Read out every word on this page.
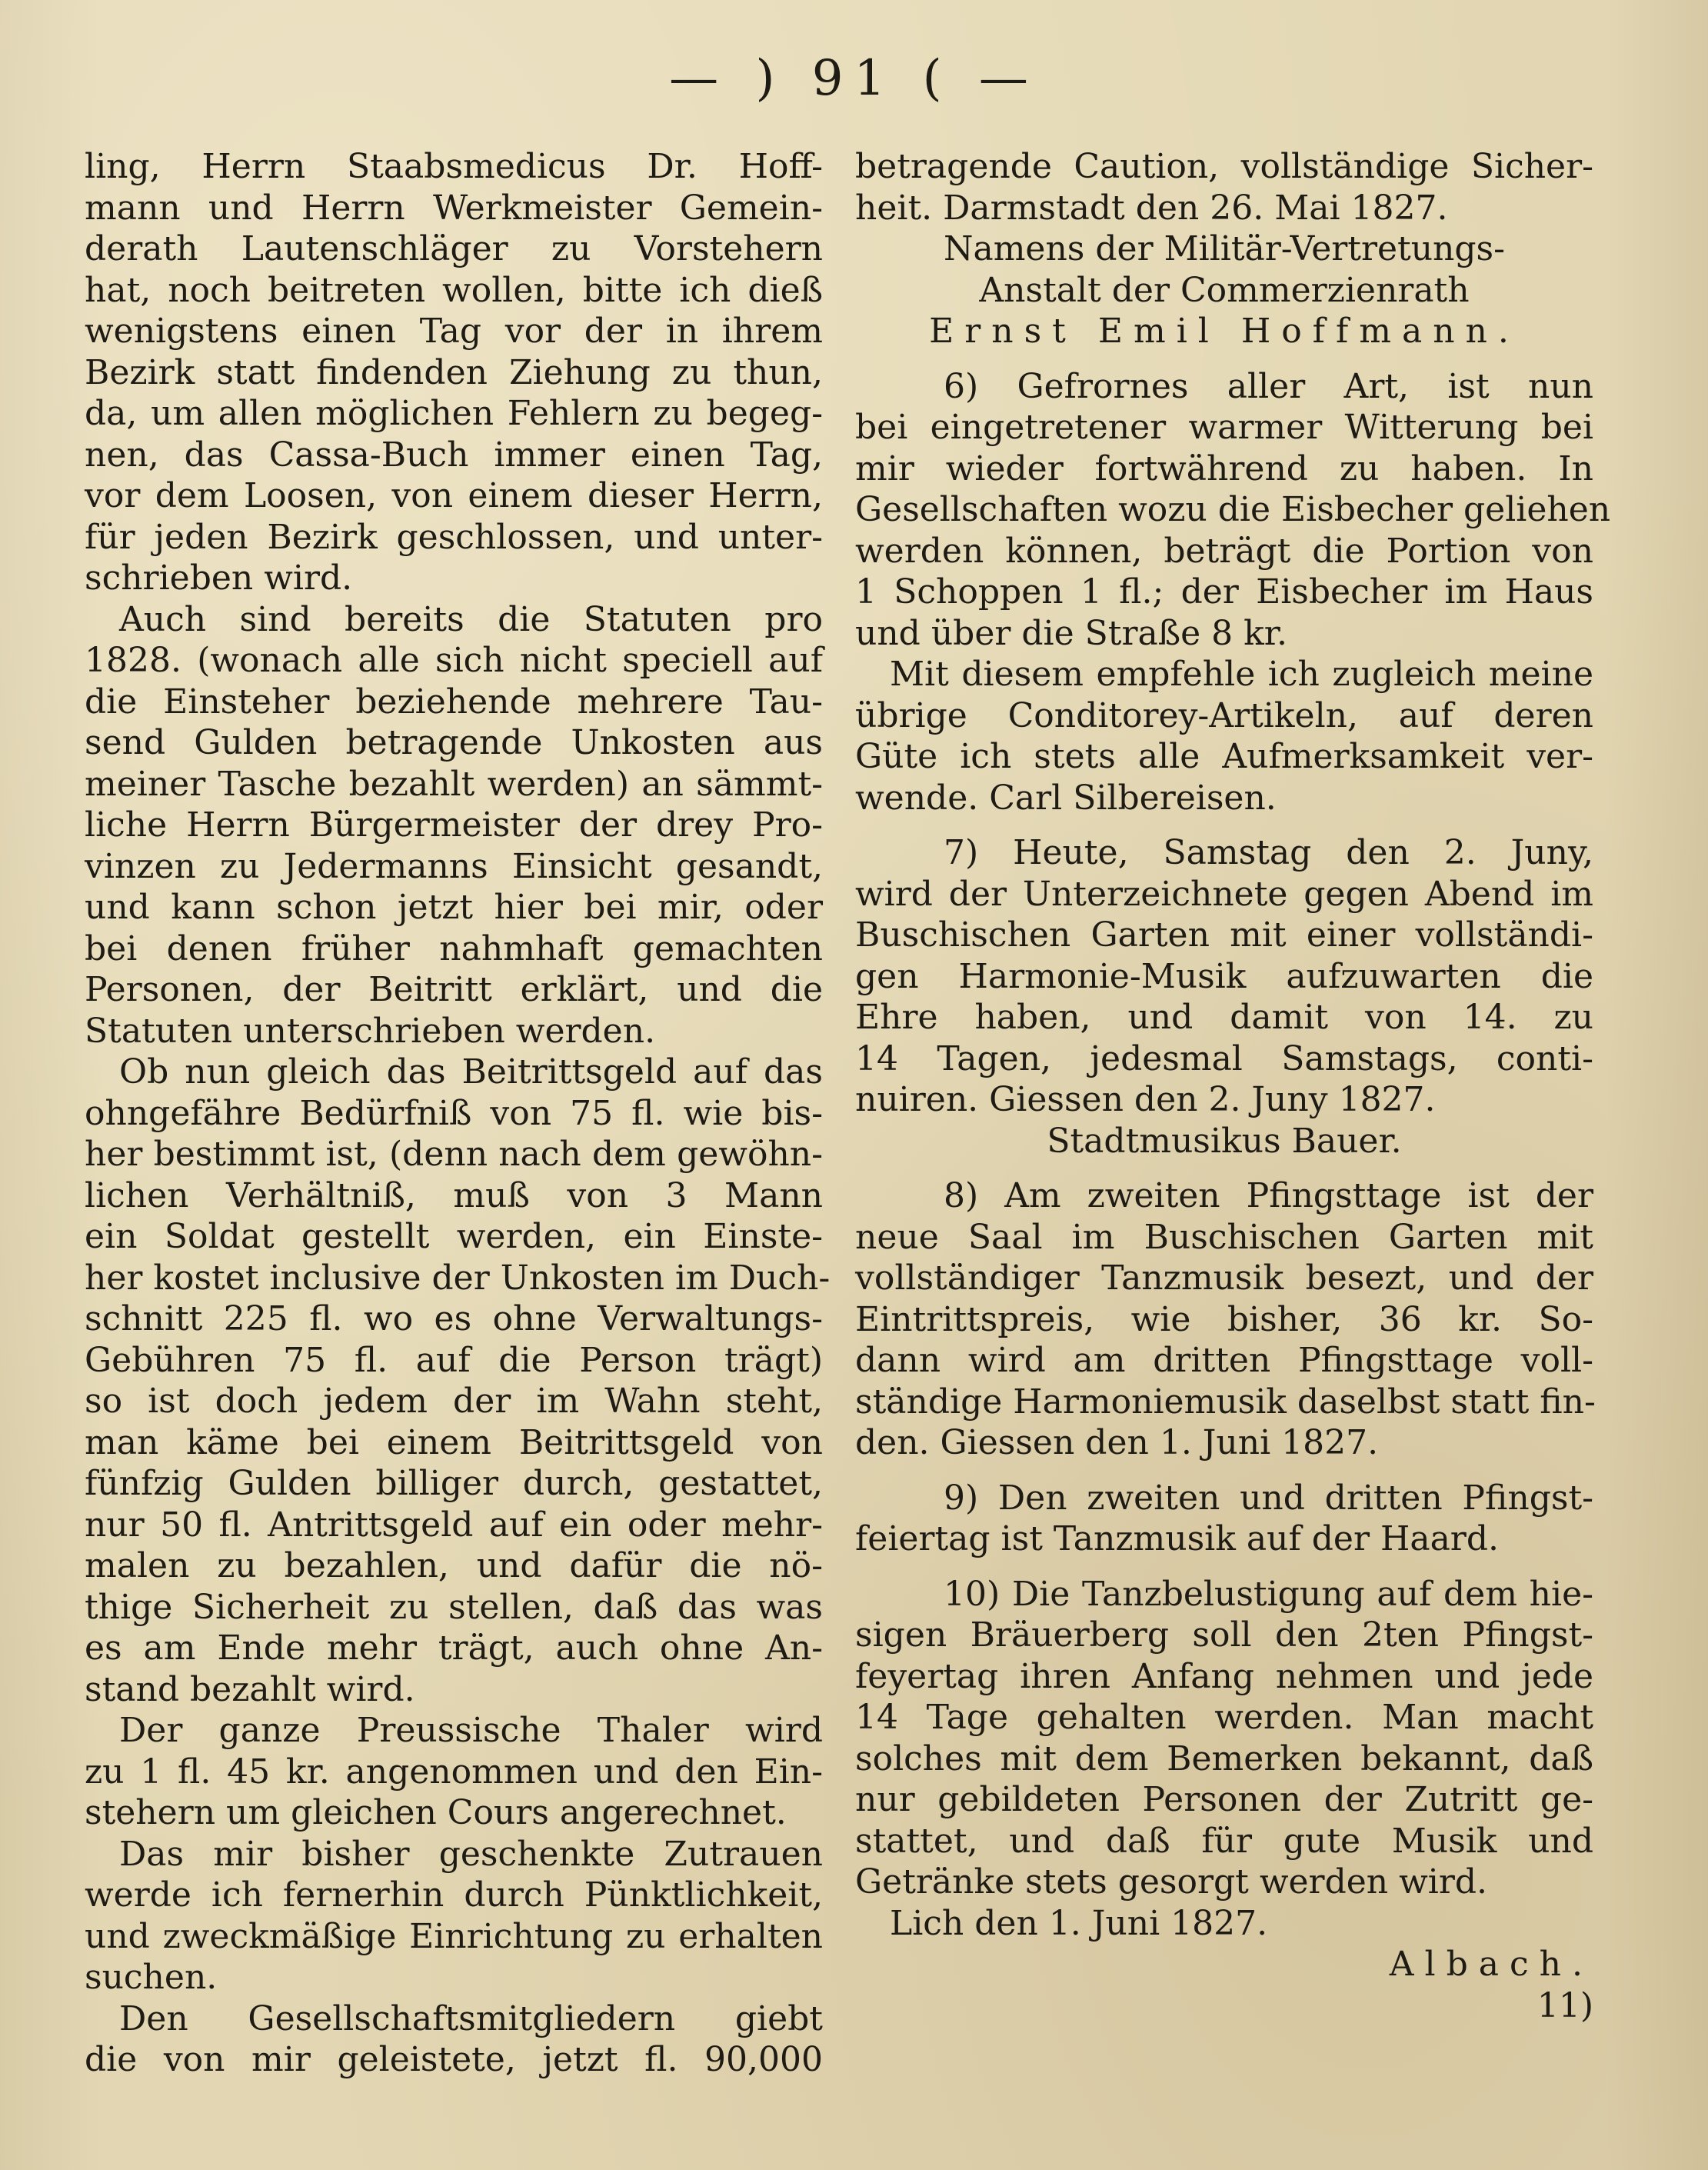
— ) 91 ( —
ling, Herrn Staabsmedicus Dr. Hoff-
mann und Herrn Werkmeister Gemein-
derath Lautenschläger zu Vorstehern
hat, noch beitreten wollen, bitte ich dieß
wenigstens einen Tag vor der in ihrem
Bezirk statt findenden Ziehung zu thun,
da, um allen möglichen Fehlern zu begeg-
nen, das Cassa-Buch immer einen Tag,
vor dem Loosen, von einem dieser Herrn,
für jeden Bezirk geschlossen, und unter-
schrieben wird.
Auch sind bereits die Statuten pro
1828. (wonach alle sich nicht speciell auf
die Einsteher beziehende mehrere Tau-
send Gulden betragende Unkosten aus
meiner Tasche bezahlt werden) an sämmt-
liche Herrn Bürgermeister der drey Pro-
vinzen zu Jedermanns Einsicht gesandt,
und kann schon jetzt hier bei mir, oder
bei denen früher nahmhaft gemachten
Personen, der Beitritt erklärt, und die
Statuten unterschrieben werden.
Ob nun gleich das Beitrittsgeld auf das
ohngefähre Bedürfniß von 75 fl. wie bis-
her bestimmt ist, (denn nach dem gewöhn-
lichen Verhältniß, muß von 3 Mann
ein Soldat gestellt werden, ein Einste-
her kostet inclusive der Unkosten im Duch-
schnitt 225 fl. wo es ohne Verwaltungs-
Gebühren 75 fl. auf die Person trägt)
so ist doch jedem der im Wahn steht,
man käme bei einem Beitrittsgeld von
fünfzig Gulden billiger durch, gestattet,
nur 50 fl. Antrittsgeld auf ein oder mehr-
malen zu bezahlen, und dafür die nö-
thige Sicherheit zu stellen, daß das was
es am Ende mehr trägt, auch ohne An-
stand bezahlt wird.
Der ganze Preussische Thaler wird
zu 1 fl. 45 kr. angenommen und den Ein-
stehern um gleichen Cours angerechnet.
Das mir bisher geschenkte Zutrauen
werde ich fernerhin durch Pünktlichkeit,
und zweckmäßige Einrichtung zu erhalten
suchen.
Den Gesellschaftsmitgliedern giebt
die von mir geleistete, jetzt fl. 90,000
betragende Caution, vollständige Sicher-
heit. Darmstadt den 26. Mai 1827.
Namens der Militär-Vertretungs-
Anstalt der Commerzienrath
Ernst Emil Hoffmann.
6) Gefrornes aller Art, ist nun
bei eingetretener warmer Witterung bei
mir wieder fortwährend zu haben. In
Gesellschaften wozu die Eisbecher geliehen
werden können, beträgt die Portion von
1 Schoppen 1 fl.; der Eisbecher im Haus
und über die Straße 8 kr.
Mit diesem empfehle ich zugleich meine
übrige Conditorey-Artikeln, auf deren
Güte ich stets alle Aufmerksamkeit ver-
wende. Carl Silbereisen.
7) Heute, Samstag den 2. Juny,
wird der Unterzeichnete gegen Abend im
Buschischen Garten mit einer vollständi-
gen Harmonie-Musik aufzuwarten die
Ehre haben, und damit von 14. zu
14 Tagen, jedesmal Samstags, conti-
nuiren. Giessen den 2. Juny 1827.
Stadtmusikus Bauer.
8) Am zweiten Pfingsttage ist der
neue Saal im Buschischen Garten mit
vollständiger Tanzmusik besezt, und der
Eintrittspreis, wie bisher, 36 kr. So-
dann wird am dritten Pfingsttage voll-
ständige Harmoniemusik daselbst statt fin-
den. Giessen den 1. Juni 1827.
9) Den zweiten und dritten Pfingst-
feiertag ist Tanzmusik auf der Haard.
10) Die Tanzbelustigung auf dem hie-
sigen Bräuerberg soll den 2ten Pfingst-
feyertag ihren Anfang nehmen und jede
14 Tage gehalten werden. Man macht
solches mit dem Bemerken bekannt, daß
nur gebildeten Personen der Zutritt ge-
stattet, und daß für gute Musik und
Getränke stets gesorgt werden wird.
Lich den 1. Juni 1827.
Albach.
11)
